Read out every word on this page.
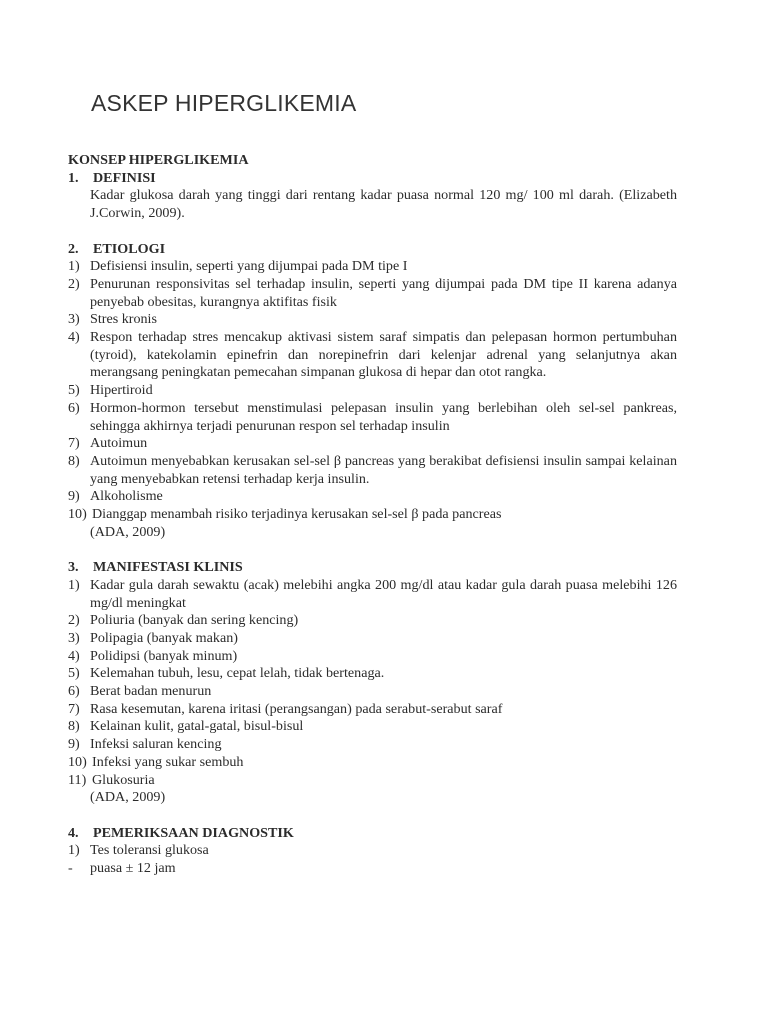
ASKEP HIPERGLIKEMIA
KONSEP HIPERGLIKEMIA
1.	DEFINISI
Kadar glukosa darah yang tinggi dari rentang kadar puasa normal 120 mg/ 100 ml darah. (Elizabeth J.Corwin, 2009).
2.	ETIOLOGI
1) Defisiensi insulin, seperti yang dijumpai pada DM tipe I
2) Penurunan responsivitas sel terhadap insulin, seperti yang dijumpai pada DM tipe II karena adanya penyebab obesitas, kurangnya aktifitas fisik
3) Stres kronis
4) Respon terhadap stres mencakup aktivasi sistem saraf simpatis dan pelepasan hormon pertumbuhan (tyroid), katekolamin epinefrin dan norepinefrin dari kelenjar adrenal yang selanjutnya akan merangsang peningkatan pemecahan simpanan glukosa di hepar dan otot rangka.
5) Hipertiroid
6) Hormon-hormon tersebut menstimulasi pelepasan insulin yang berlebihan oleh sel-sel pankreas, sehingga akhirnya terjadi penurunan respon sel terhadap insulin
7) Autoimun
8) Autoimun menyebabkan kerusakan sel-sel β pancreas yang berakibat defisiensi insulin sampai kelainan yang menyebabkan retensi terhadap kerja insulin.
9) Alkoholisme
10) Dianggap menambah risiko terjadinya kerusakan sel-sel β pada pancreas
(ADA, 2009)
3.	MANIFESTASI KLINIS
1) Kadar gula darah sewaktu (acak) melebihi angka 200 mg/dl atau kadar gula darah puasa melebihi 126 mg/dl meningkat
2) Poliuria (banyak dan sering kencing)
3) Polipagia (banyak makan)
4) Polidipsi (banyak minum)
5) Kelemahan tubuh, lesu, cepat lelah, tidak bertenaga.
6) Berat badan menurun
7) Rasa kesemutan, karena iritasi (perangsangan) pada serabut-serabut saraf
8) Kelainan kulit, gatal-gatal, bisul-bisul
9) Infeksi saluran kencing
10) Infeksi yang sukar sembuh
11) Glukosuria
(ADA, 2009)
4.	PEMERIKSAAN DIAGNOSTIK
1) Tes toleransi glukosa
-	puasa ± 12 jam
